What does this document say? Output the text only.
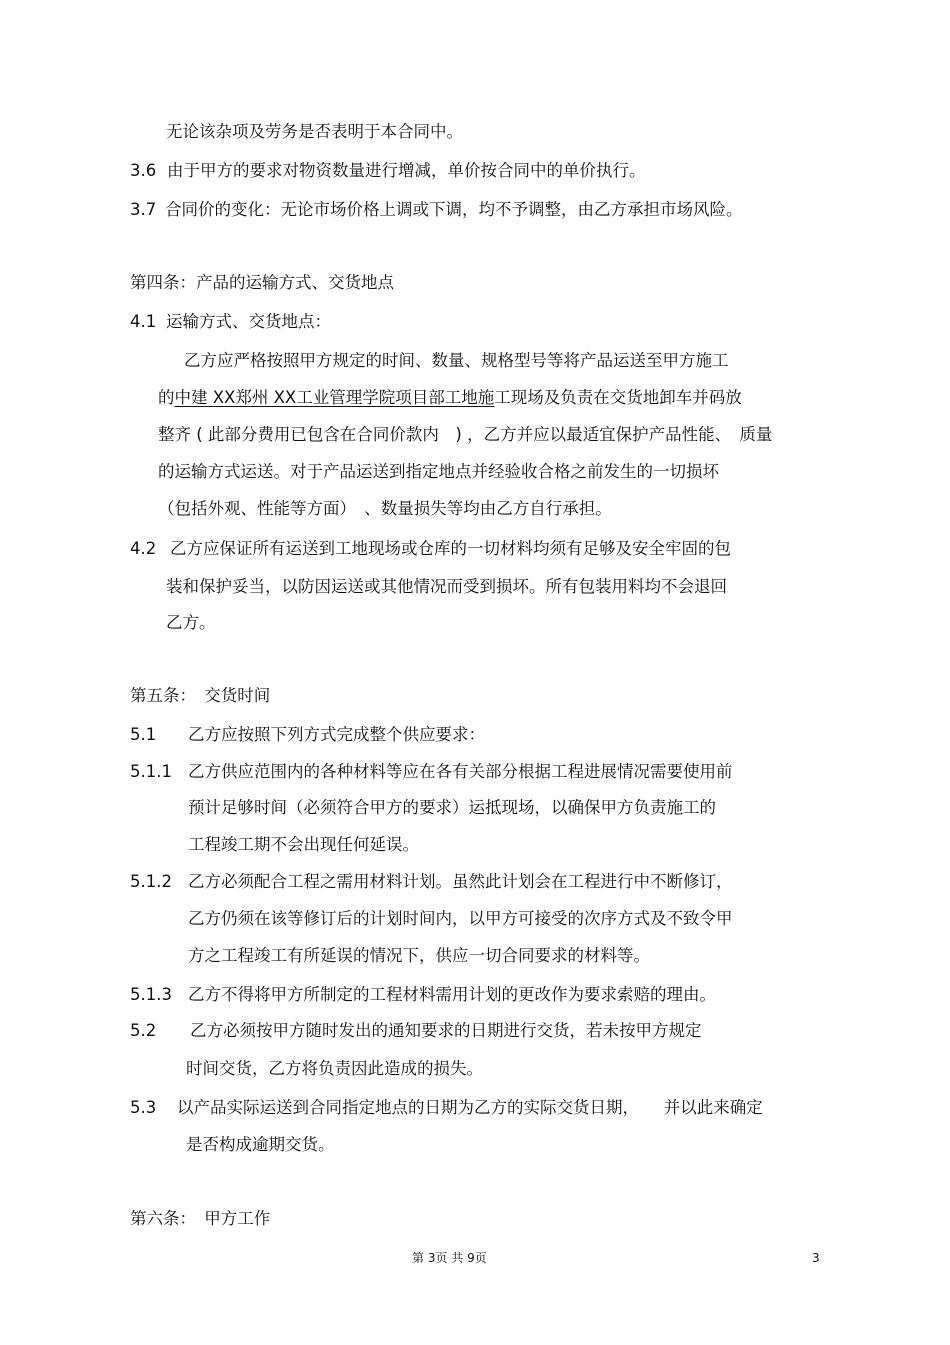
无论该杂项及劳务是否表明于本合同中。
3.6 由于甲方的要求对物资数量进行增减，单价按合同中的单价执行。
3.7 合同价的变化：无论市场价格上调或下调，均不予调整，由乙方承担市场风险。
第四条：产品的运输方式、交货地点
4.1 运输方式、交货地点：
乙方应严格按照甲方规定的时间、数量、规格型号等将产品运送至甲方施工
的中建 XX郑州 XX工业管理学院项目部工地施工现场及负责在交货地卸车并码放
整齐 ( 此部分费用已包含在合同价款内　) ，乙方并应以最适宜保护产品性能、　质量
的运输方式运送。对于产品运送到指定地点并经验收合格之前发生的一切损坏
（包括外观、性能等方面）　、数量损失等均由乙方自行承担。
4.2 乙方应保证所有运送到工地现场或仓库的一切材料均须有足够及安全牢固的包
装和保护妥当，以防因运送或其他情况而受到损坏。所有包装用料均不会退回
乙方。
第五条：　交货时间
5.1 乙方应按照下列方式完成整个供应要求：
5.1.1 乙方供应范围内的各种材料等应在各有关部分根据工程进展情况需要使用前
预计足够时间（必须符合甲方的要求）运抵现场，以确保甲方负责施工的
工程竣工期不会出现任何延误。
5.1.2 乙方必须配合工程之需用材料计划。虽然此计划会在工程进行中不断修订，
乙方仍须在该等修订后的计划时间内，以甲方可接受的次序方式及不致令甲
方之工程竣工有所延误的情况下，供应一切合同要求的材料等。
5.1.3 乙方不得将甲方所制定的工程材料需用计划的更改作为要求索赔的理由。
5.2 乙方必须按甲方随时发出的通知要求的日期进行交货，若未按甲方规定
时间交货，乙方将负责因此造成的损失。
5.3 以产品实际运送到合同指定地点的日期为乙方的实际交货日期，　　并以此来确定
是否构成逾期交货。
第六条：　甲方工作
第 3页 共 9页	3
